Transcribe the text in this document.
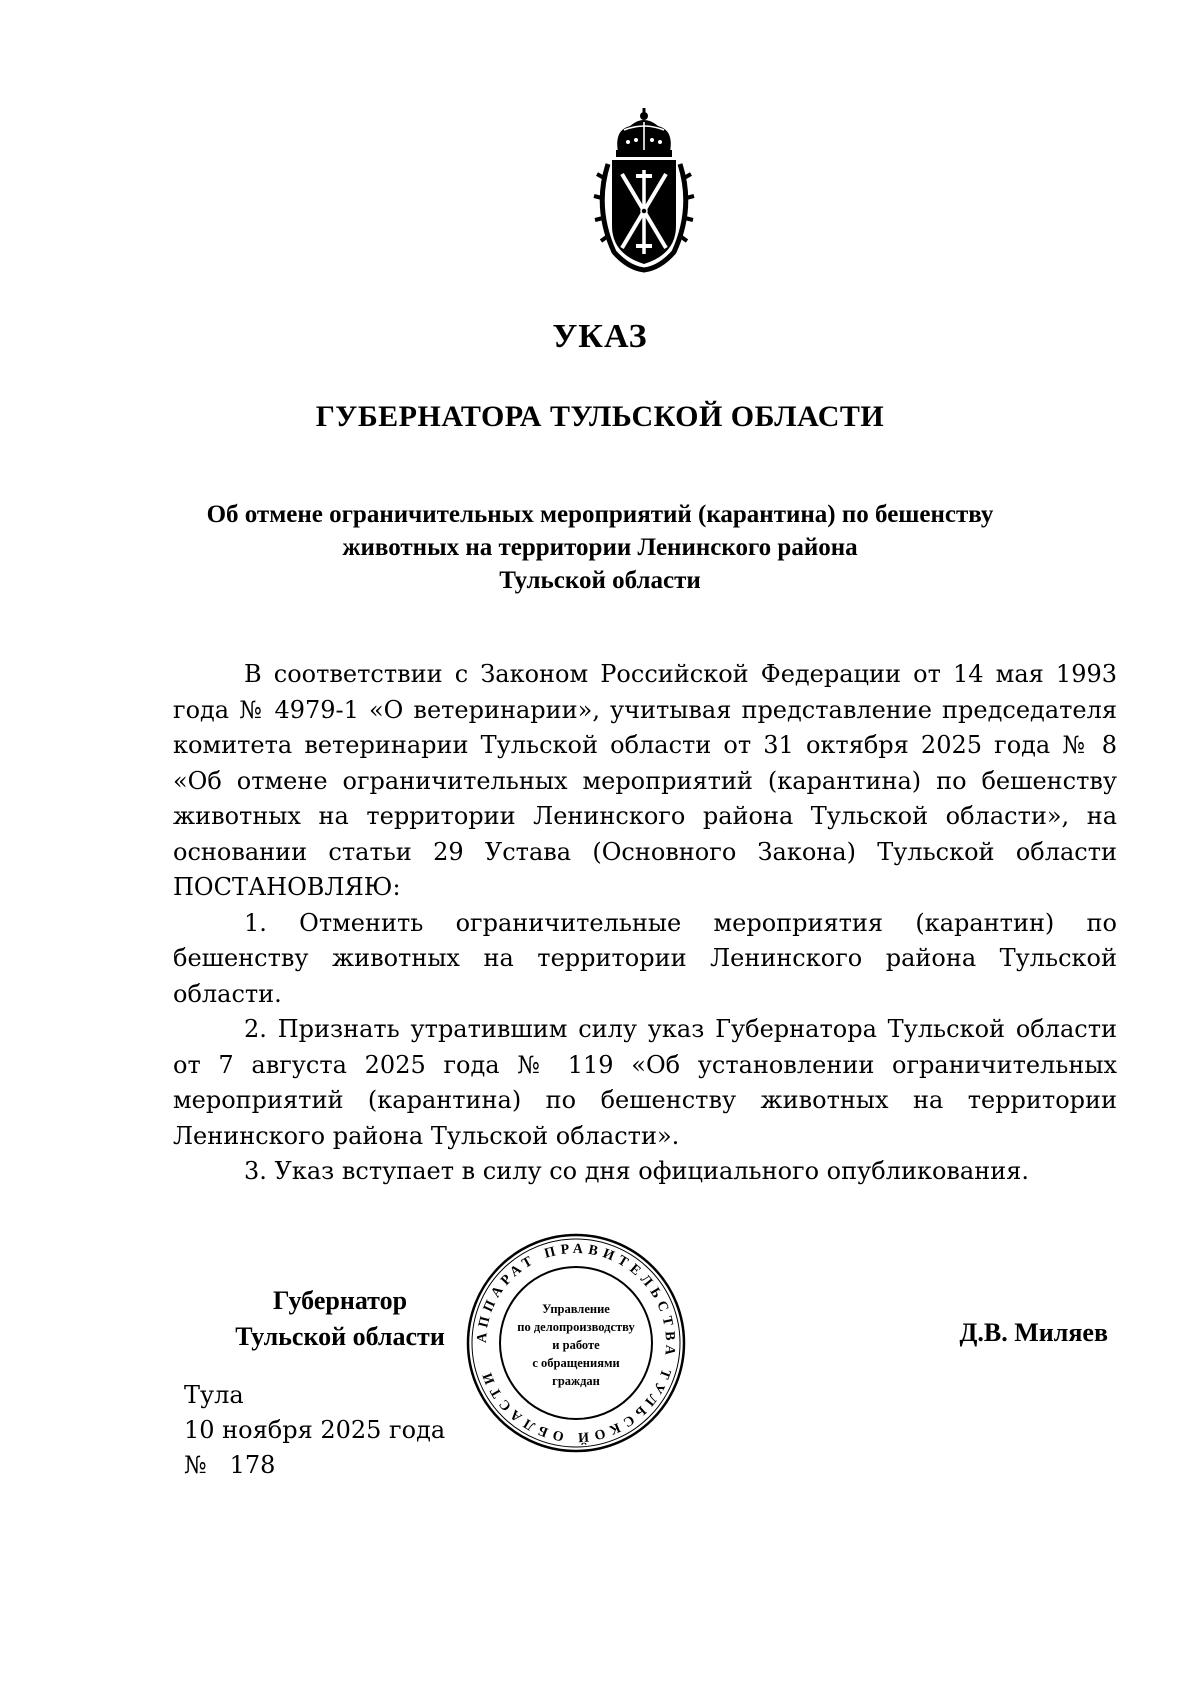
УКАЗ
ГУБЕРНАТОРА ТУЛЬСКОЙ ОБЛАСТИ
Об отмене ограничительных мероприятий (карантина) по бешенству
животных на территории Ленинского района
Тульской области

В соответствии с Законом Российской Федерации от 14 мая 1993 года № 4979-1 «О ветеринарии», учитывая представление председателя комитета ветеринарии Тульской области от 31 октября 2025 года № 8 «Об отмене ограничительных мероприятий (карантина) по бешенству животных на территории Ленинского района Тульской области», на основании статьи 29 Устава (Основного Закона) Тульской области ПОСТАНОВЛЯЮ:

1. Отменить ограничительные мероприятия (карантин) по бешенству животных на территории Ленинского района Тульской области.

2. Признать утратившим силу указ Губернатора Тульской области от 7 августа 2025 года № 119 «Об установлении ограничительных мероприятий (карантина) по бешенству животных на территории Ленинского района Тульской области».

3. Указ вступает в силу со дня официального опубликования.

Губернатор
Тульской области	Д.В. Миляев
АППАРАТ ПРАВИТЕЛЬСТВА ТУЛЬСКОЙ ОБЛАСТИ
Управление
по делопроизводству
и работе
с обращениями
граждан
Тула
10 ноября 2025 года
№   178
